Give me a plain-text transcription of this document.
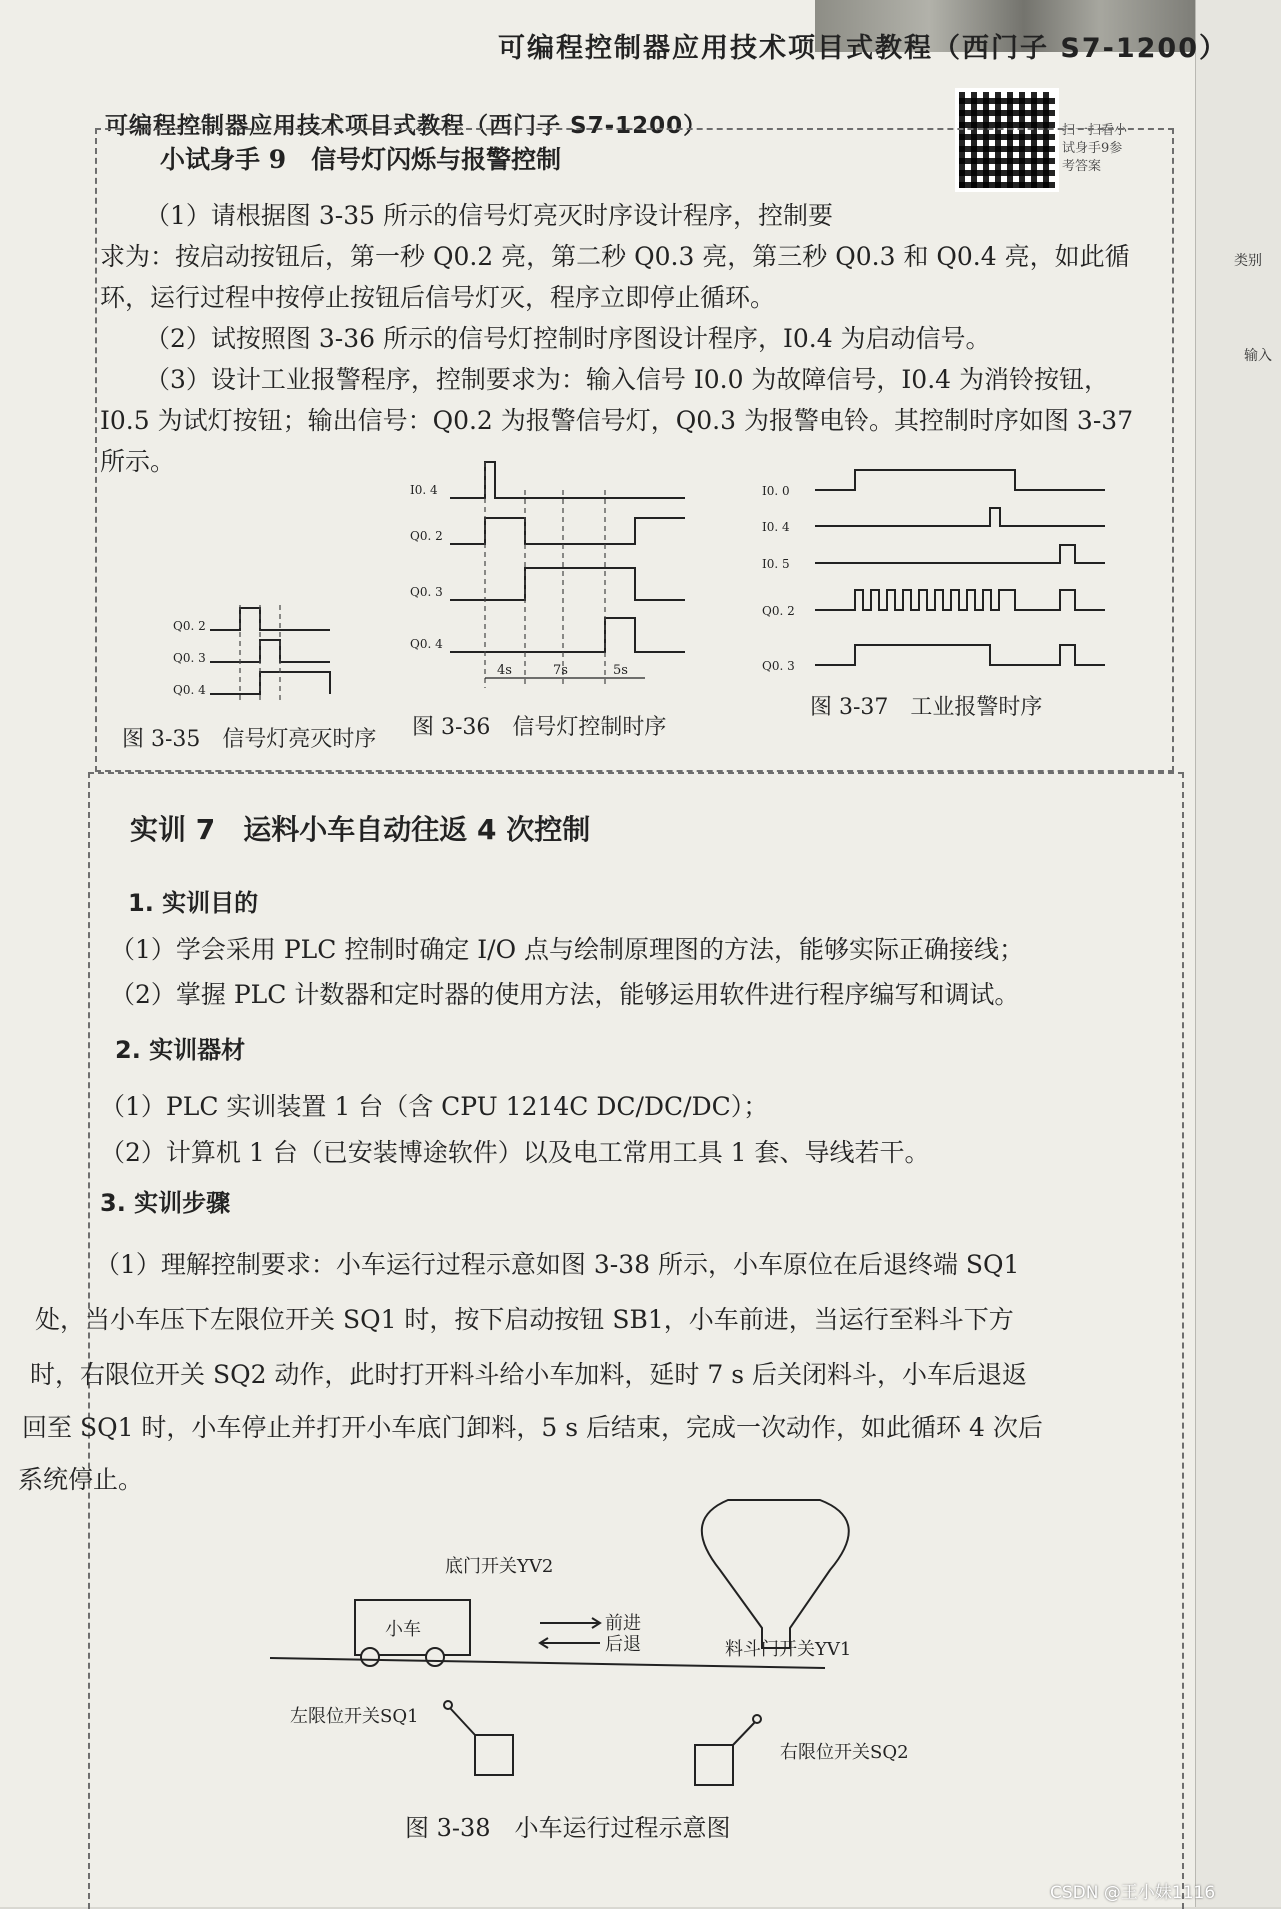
类别
输入
可编程控制器应用技术项目式教程（西门子 S7-1200）
可编程控制器应用技术项目式教程（西门子 S7-1200）	扫一扫看小试身手9参考答案
小试身手 9　信号灯闪烁与报警控制
（1）请根据图 3-35 所示的信号灯亮灭时序设计程序，控制要
求为：按启动按钮后，第一秒 Q0.2 亮，第二秒 Q0.3 亮，第三秒 Q0.3 和 Q0.4 亮，如此循
环，运行过程中按停止按钮后信号灯灭，程序立即停止循环。
（2）试按照图 3-36 所示的信号灯控制时序图设计程序，I0.4 为启动信号。
（3）设计工业报警程序，控制要求为：输入信号 I0.0 为故障信号，I0.4 为消铃按钮，
I0.5 为试灯按钮；输出信号：Q0.2 为报警信号灯，Q0.3 为报警电铃。其控制时序如图 3-37
所示。
Q0. 2
Q0. 3
Q0. 4
图 3-35　信号灯亮灭时序
I0. 4
Q0. 2
Q0. 3
Q0. 4
4s	7s	5s
图 3-36　信号灯控制时序
I0. 0
I0. 4
I0. 5
Q0. 2
Q0. 3
图 3-37　工业报警时序
实训 7　运料小车自动往返 4 次控制
1. 实训目的
（1）学会采用 PLC 控制时确定 I/O 点与绘制原理图的方法，能够实际正确接线；
（2）掌握 PLC 计数器和定时器的使用方法，能够运用软件进行程序编写和调试。
2. 实训器材
（1）PLC 实训装置 1 台（含 CPU 1214C DC/DC/DC）；
（2）计算机 1 台（已安装博途软件）以及电工常用工具 1 套、导线若干。
3. 实训步骤
（1）理解控制要求：小车运行过程示意如图 3-38 所示，小车原位在后退终端 SQ1
处，当小车压下左限位开关 SQ1 时，按下启动按钮 SB1，小车前进，当运行至料斗下方
时，右限位开关 SQ2 动作，此时打开料斗给小车加料，延时 7 s 后关闭料斗，小车后退返
回至 SQ1 时，小车停止并打开小车底门卸料，5 s 后结束，完成一次动作，如此循环 4 次后
系统停止。
底门开关YV2
小车	前进
后退	料斗门开关YV1
左限位开关SQ1
右限位开关SQ2
图 3-38　小车运行过程示意图
CSDN @王小妹1116
